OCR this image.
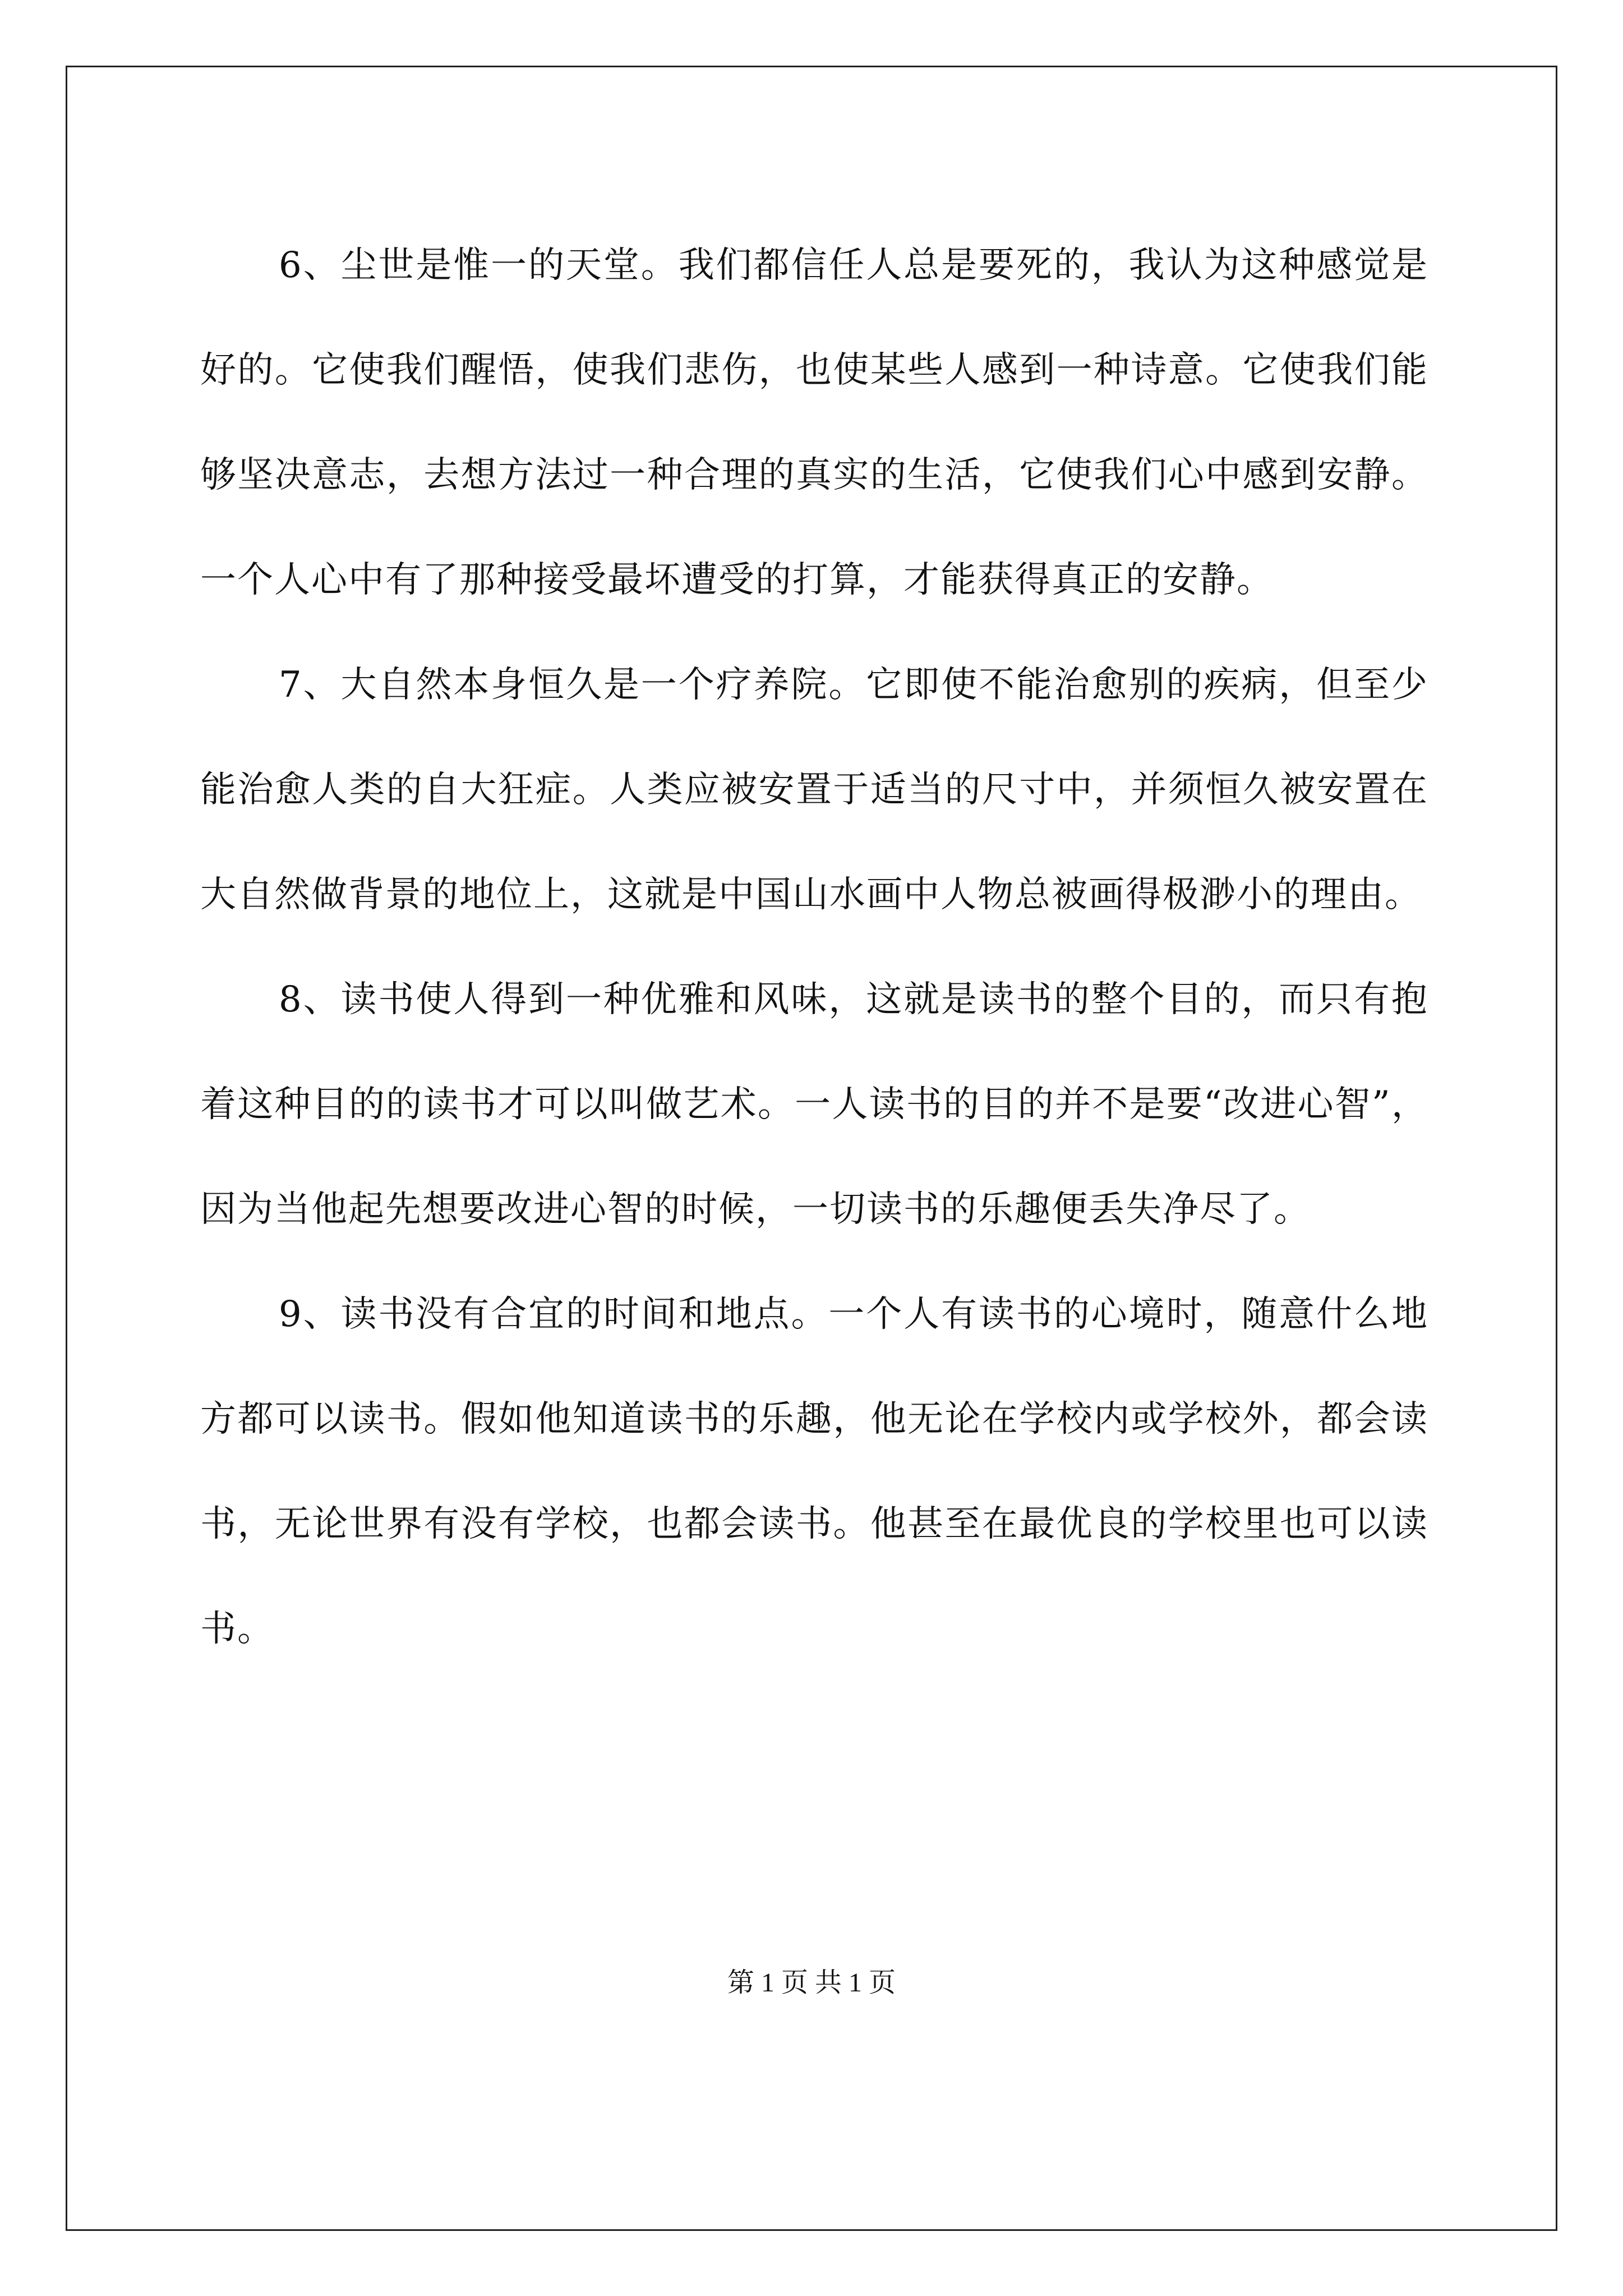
6、尘世是惟一的天堂。我们都信任人总是要死的，我认为这种感觉是好的。它使我们醒悟，使我们悲伤，也使某些人感到一种诗意。它使我们能够坚决意志，去想方法过一种合理的真实的生活，它使我们心中感到安静。一个人心中有了那种接受最坏遭受的打算，才能获得真正的安静。

7、大自然本身恒久是一个疗养院。它即使不能治愈别的疾病，但至少能治愈人类的自大狂症。人类应被安置于适当的尺寸中，并须恒久被安置在大自然做背景的地位上，这就是中国山水画中人物总被画得极渺小的理由。

8、读书使人得到一种优雅和风味，这就是读书的整个目的，而只有抱着这种目的的读书才可以叫做艺术。一人读书的目的并不是要“改进心智”，因为当他起先想要改进心智的时候，一切读书的乐趣便丢失净尽了。

9、读书没有合宜的时间和地点。一个人有读书的心境时，随意什么地方都可以读书。假如他知道读书的乐趣，他无论在学校内或学校外，都会读书，无论世界有没有学校，也都会读书。他甚至在最优良的学校里也可以读书。

第 1 页 共 1 页
